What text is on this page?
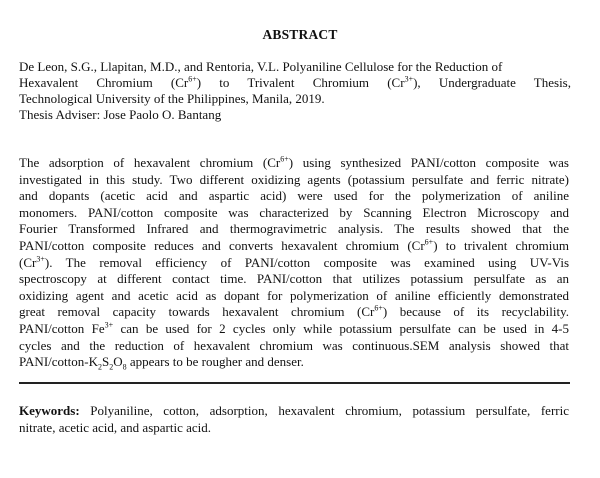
ABSTRACT
De Leon, S.G., Llapitan, M.D., and Rentoria, V.L. Polyaniline Cellulose for the Reduction of
Hexavalent Chromium $(Cr^{6+})$ to Trivalent Chromium $(Cr^{3+})$, Undergraduate Thesis,
Technological University of the Philippines, Manila, 2019.
Thesis Adviser: Jose Paolo O. Bantang
The adsorption of hexavalent chromium $(Cr^{6+})$ using synthesized PANI/cotton composite was
investigated in this study. Two different oxidizing agents (potassium persulfate and ferric nitrate)
and dopants (acetic acid and aspartic acid) were used for the polymerization of aniline
monomers. PANI/cotton composite was characterized by Scanning Electron Microscopy and
Fourier Transformed Infrared and thermogravimetric analysis. The results showed that the
PANI/cotton composite reduces and converts hexavalent chromium $(Cr^{6+})$ to trivalent chromium
$(Cr^{3+})$. The removal efficiency of PANI/cotton composite was examined using UV-Vis
spectroscopy at different contact time. PANI/cotton that utilizes potassium persulfate as an
oxidizing agent and acetic acid as dopant for polymerization of aniline efficiently demonstrated
great removal capacity towards hexavalent chromium $(Cr^{6+})$ because of its recyclability.
PANI/cotton $Fe^{3+}$ can be used for 2 cycles only while potassium persulfate can be used in 4-5
cycles and the reduction of hexavalent chromium was continuous.SEM analysis showed that
PANI/$cotton-K_2S_2O_8$ appears to be rougher and denser.
Keywords: Polyaniline, cotton, adsorption, hexavalent chromium, potassium persulfate, ferric
nitrate, acetic acid, and aspartic acid.
